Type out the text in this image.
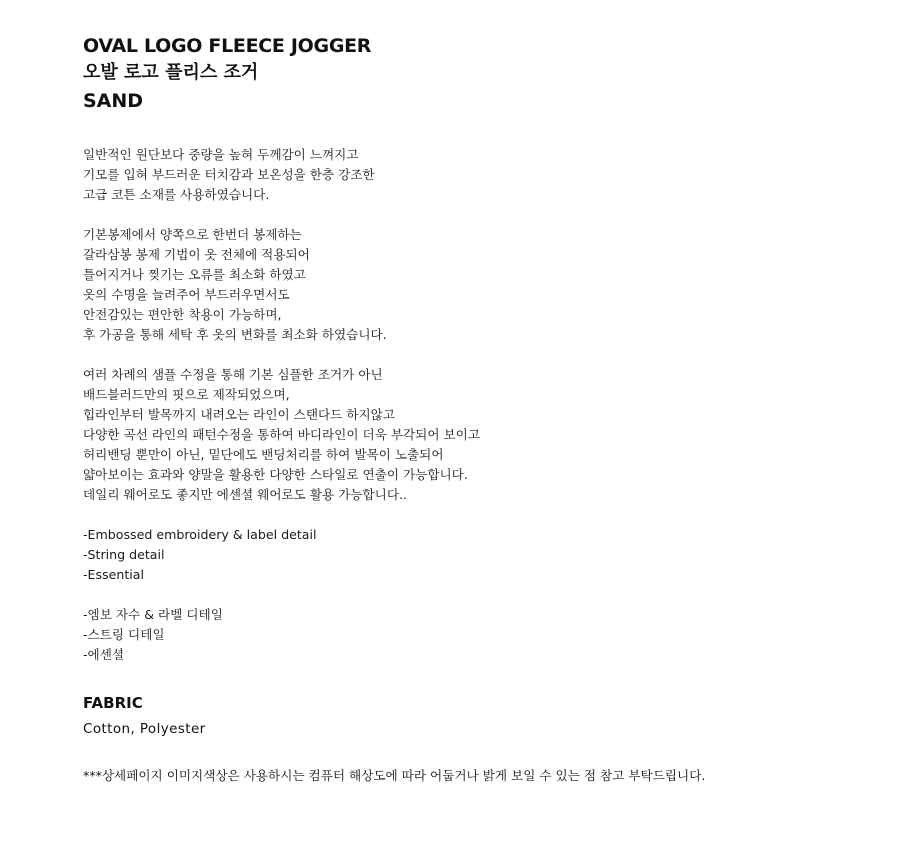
OVAL LOGO FLEECE JOGGER
오발 로고 플리스 조거
SAND
일반적인 원단보다 중량을 높혀 두께감이 느껴지고
기모를 입혀 부드러운 터치감과 보온성을 한층 강조한
고급 코튼 소재를 사용하였습니다.
기본봉제에서 양쪽으로 한번더 봉제하는
갈라삼봉 봉제 기법이 옷 전체에 적용되어
틀어지거나 찢기는 오류를 최소화 하였고
옷의 수명을 늘려주어 부드러우면서도
안전감있는 편안한 착용이 가능하며,
후 가공을 통해 세탁 후 옷의 변화를 최소화 하였습니다.
여러 차례의 샘플 수정을 통해 기본 심플한 조거가 아닌
배드블러드만의 핏으로 제작되었으며,
힙라인부터 발목까지 내려오는 라인이 스탠다드 하지않고
다양한 곡선 라인의 패턴수정을 통하여 바디라인이 더욱 부각되어 보이고
허리밴딩 뿐만이 아닌, 밑단에도 밴딩처리를 하여 발목이 노출되어
얇아보이는 효과와 양말을 활용한 다양한 스타일로 연출이 가능합니다.
데일리 웨어로도 좋지만 에센셜 웨어로도 활용 가능합니다..
-Embossed embroidery & label detail
-String detail
-Essential
-엠보 자수 & 라벨 디테일
-스트링 디테일
-에센셜
FABRIC
Cotton, Polyester
***상세페이지 이미지색상은 사용하시는 컴퓨터 해상도에 따라 어둡거나 밝게 보일 수 있는 점 참고 부탁드립니다.
